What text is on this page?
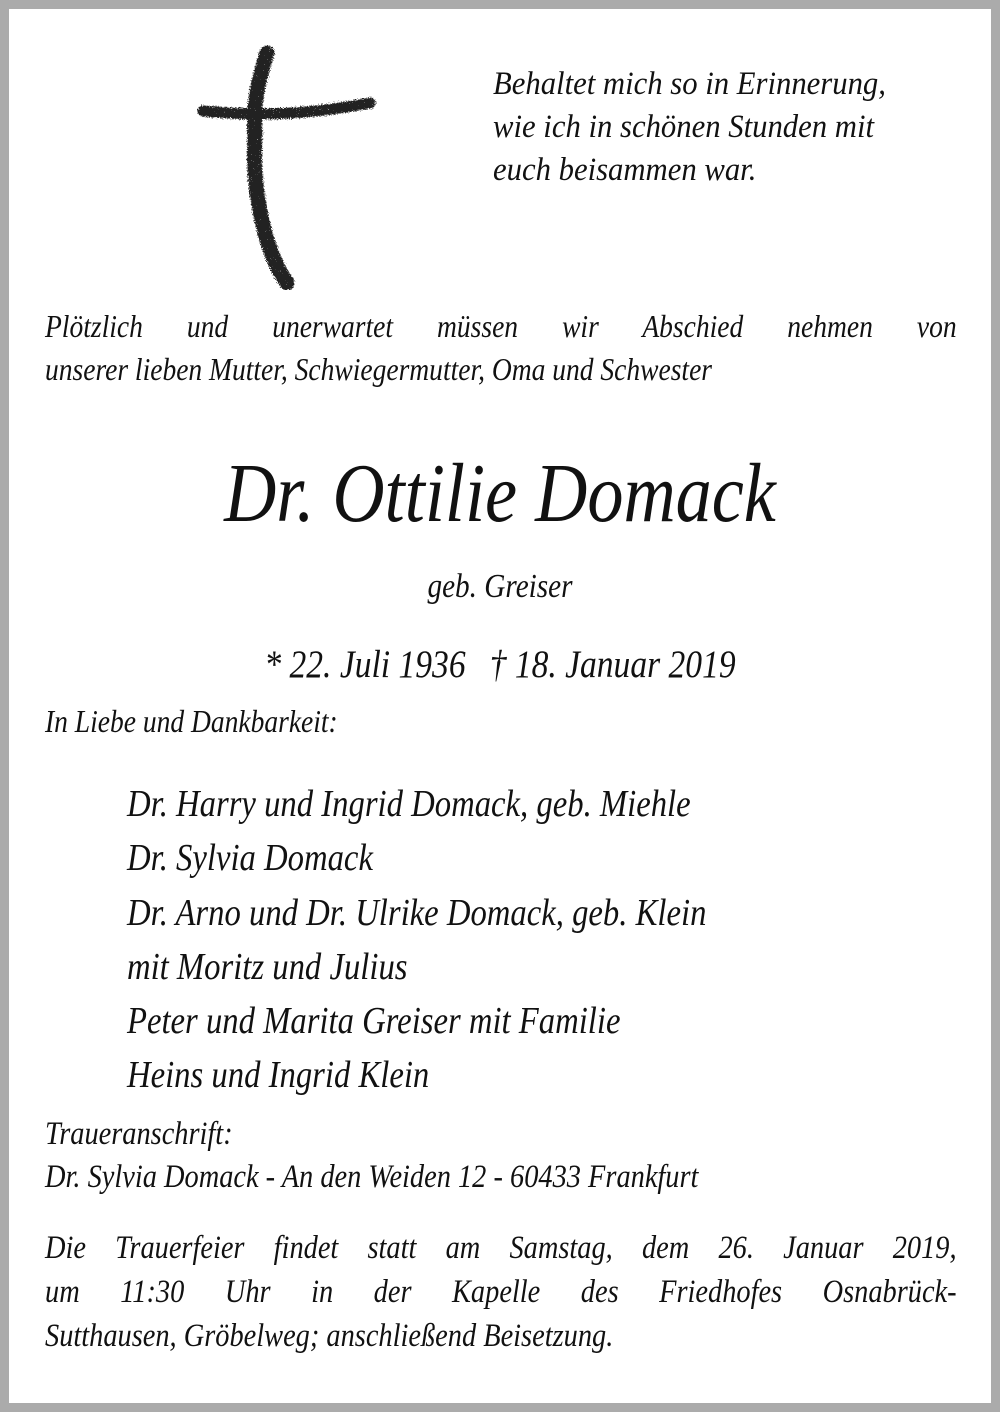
Behaltet mich so in Erinnerung,
wie ich in schönen Stunden mit
euch beisammen war.
Plötzlich und unerwartet müssen wir Abschied nehmen von
unserer lieben Mutter, Schwiegermutter, Oma und Schwester
Dr. Ottilie Domack
geb. Greiser
* 22. Juli 1936 † 18. Januar 2019
In Liebe und Dankbarkeit:
Dr. Harry und Ingrid Domack, geb. Miehle
Dr. Sylvia Domack
Dr. Arno und Dr. Ulrike Domack, geb. Klein
mit Moritz und Julius
Peter und Marita Greiser mit Familie
Heins und Ingrid Klein
Traueranschrift:
Dr. Sylvia Domack - An den Weiden 12 - 60433 Frankfurt
Die Trauerfeier findet statt am Samstag, dem 26. Januar 2019,
um 11:30 Uhr in der Kapelle des Friedhofes Osnabrück-
Sutthausen, Gröbelweg; anschließend Beisetzung.
